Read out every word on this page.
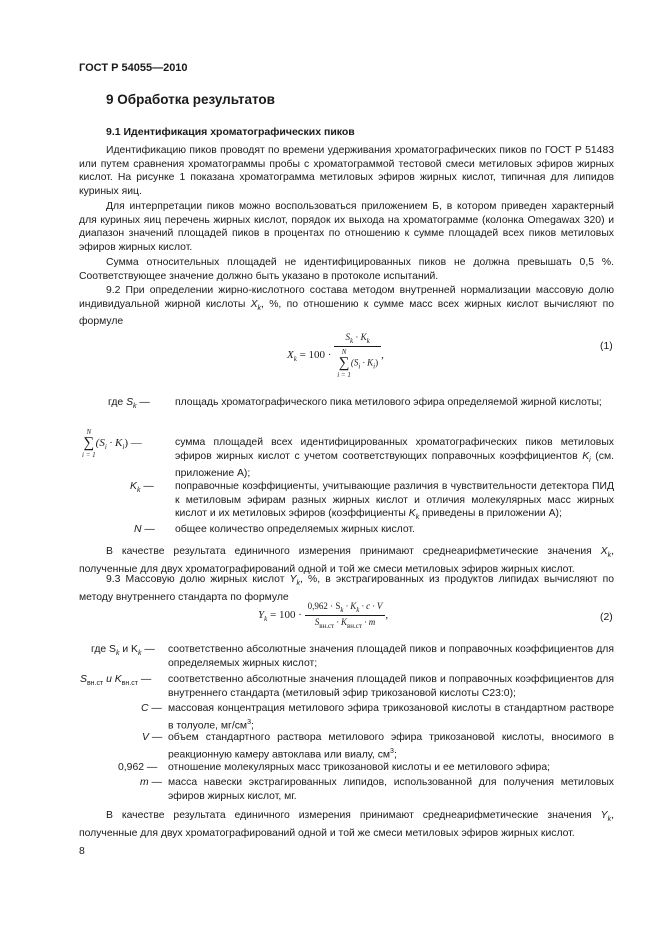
ГОСТ Р 54055—2010
9 Обработка результатов
9.1 Идентификация хроматографических пиков

Идентификацию пиков проводят по времени удерживания хроматографических пиков по ГОСТ Р 51483 или путем сравнения хроматограммы пробы с хроматограммой тестовой смеси метиловых эфиров жирных кислот. На рисунке 1 показана хроматограмма метиловых эфиров жирных кислот, типичная для липидов куриных яиц.

Для интерпретации пиков можно воспользоваться приложением Б, в котором приведен характерный для куриных яиц перечень жирных кислот, порядок их выхода на хроматограмме (колонка Omegawax 320) и диапазон значений площадей пиков в процентах по отношению к сумме площадей всех пиков метиловых эфиров жирных кислот.

Сумма относительных площадей не идентифицированных пиков не должна превышать 0,5 %. Соответствующее значение должно быть указано в протоколе испытаний.

9.2 При определении жирно-кислотного состава методом внутренней нормализации массовую долю индивидуальной жирной кислоты $X_k$, %, по отношению к сумме масс всех жирных кислот вычисляют по формуле

$X_k = 100 \cdot S_k \cdot K_k$
N
∑
i = 1
$(S_i \cdot K_i)$ ,
(1)
где $S_k$ — площадь хроматографического пика метилового эфира определяемой жирной кислоты;
N
∑
i = 1
$(S_i \cdot K_i)$ —	сумма площадей всех идентифицированных хроматографических пиков метиловых эфиров жирных кислот с учетом соответствующих поправочных коэффициентов $K_i$ (см. приложение А);
$K_k$ — поправочные коэффициенты, учитывающие различия в чувствительности детектора ПИД к метиловым эфирам разных жирных кислот и отличия молекулярных масс жирных кислот и их метиловых эфиров (коэффициенты $K_k$ приведены в приложении А);
N — общее количество определяемых жирных кислот.

В качестве результата единичного измерения принимают среднеарифметические значения $X_k$, полученные для двух хроматографирований одной и той же смеси метиловых эфиров жирных кислот.

9.3 Массовую долю жирных кислот $Y_k$, %, в экстрагированных из продуктов липидах вычисляют по методу внутреннего стандарта по формуле

$Y_k = 100 \cdot \frac{0,962 \cdot S_k \cdot K_k \cdot c \cdot V}{S_{вн.ст} \cdot K_{вн.ст} \cdot m}$ ,	(2)
где $S_k$ и $K_k$ — соответственно абсолютные значения площадей пиков и поправочных коэффициентов для определяемых жирных кислот;
$S_{вн.ст}$ и $K_{вн.ст}$ — соответственно абсолютные значения площадей пиков и поправочных коэффициентов для внутреннего стандарта (метиловый эфир трикозановой кислоты С23:0);
C — массовая концентрация метилового эфира трикозановой кислоты в стандартном растворе в толуоле, $мг/см^3$;
V — объем стандартного раствора метилового эфира трикозановой кислоты, вносимого в реакционную камеру автоклава или виалу, $см^3$;
0,962 — отношение молекулярных масс трикозановой кислоты и ее метилового эфира;
m — масса навески экстрагированных липидов, использованной для получения метиловых эфиров жирных кислот, мг.

В качестве результата единичного измерения принимают среднеарифметические значения $Y_k$, полученные для двух хроматографирований одной и той же смеси метиловых эфиров жирных кислот.

8
